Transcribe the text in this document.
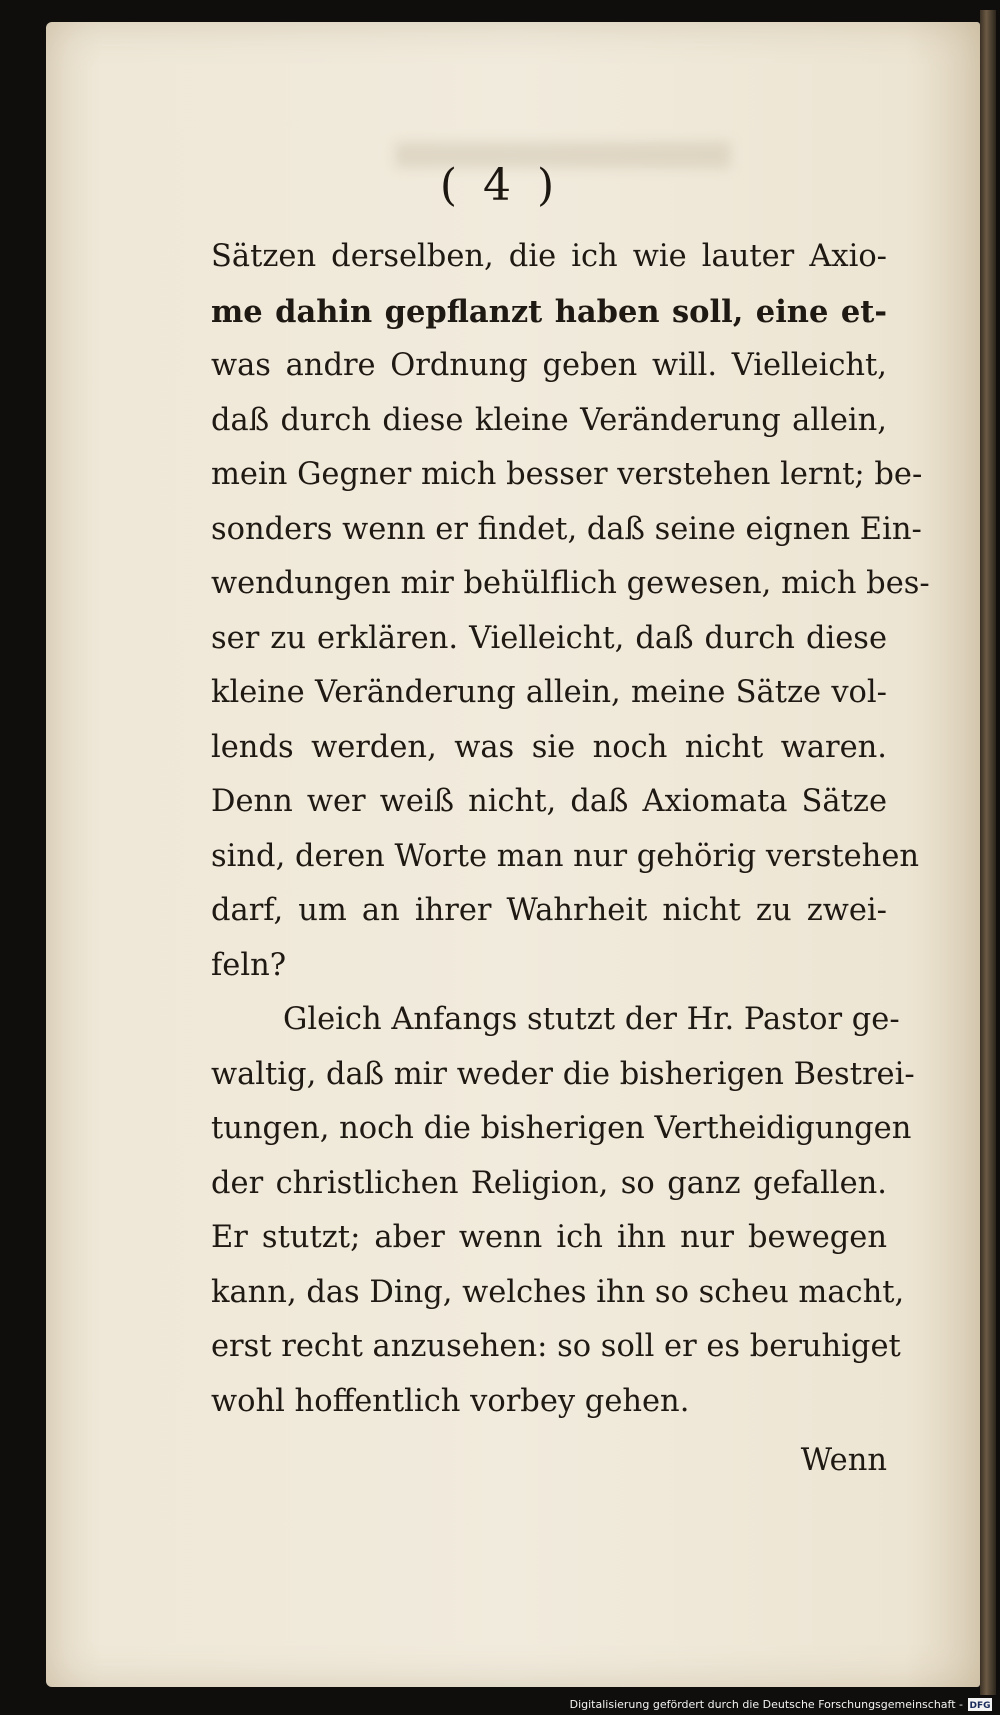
( 4 )
Sätzen derselben, die ich wie lauter Axio-
me dahin gepflanzt haben soll, eine et-
was andre Ordnung geben will. Vielleicht,
daß durch diese kleine Veränderung allein,
mein Gegner mich besser verstehen lernt; be-
sonders wenn er findet, daß seine eignen Ein-
wendungen mir behülflich gewesen, mich bes-
ser zu erklären. Vielleicht, daß durch diese
kleine Veränderung allein, meine Sätze vol-
lends werden, was sie noch nicht waren.
Denn wer weiß nicht, daß Axiomata Sätze
sind, deren Worte man nur gehörig verstehen
darf, um an ihrer Wahrheit nicht zu zwei-
feln?
Gleich Anfangs stutzt der Hr. Pastor ge-
waltig, daß mir weder die bisherigen Bestrei-
tungen, noch die bisherigen Vertheidigungen
der christlichen Religion, so ganz gefallen.
Er stutzt; aber wenn ich ihn nur bewegen
kann, das Ding, welches ihn so scheu macht,
erst recht anzusehen: so soll er es beruhiget
wohl hoffentlich vorbey gehen.
Wenn
Digitalisierung gefördert durch die Deutsche Forschungsgemeinschaft - DFG
